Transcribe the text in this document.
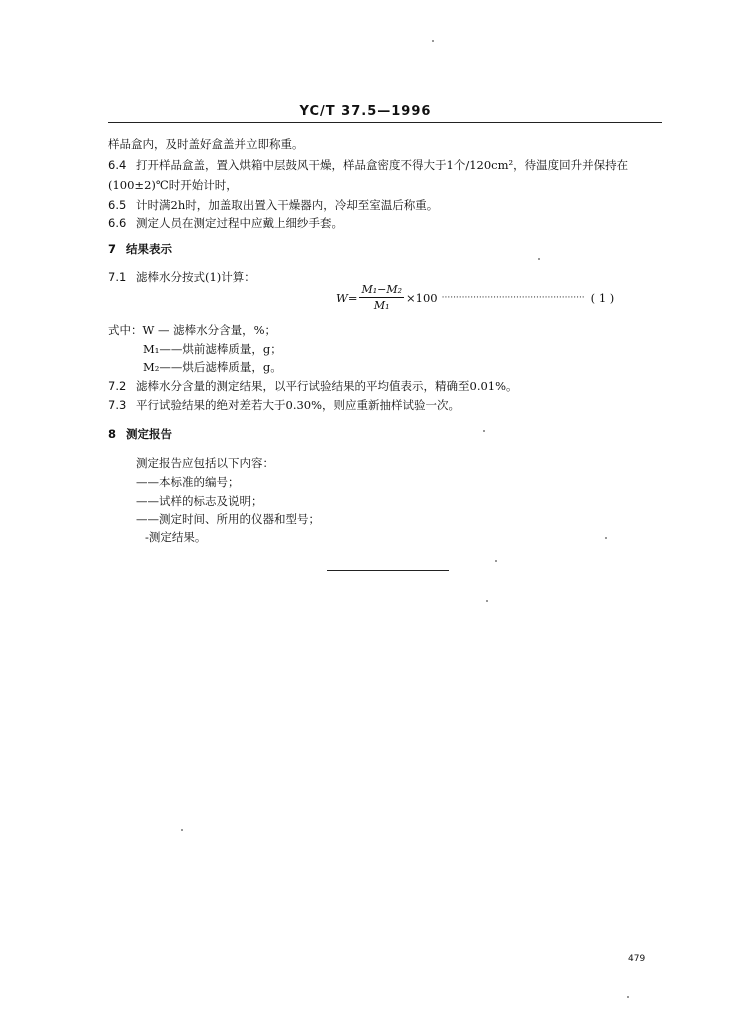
YC/T 37.5—1996
样品盒内，及时盖好盒盖并立即称重。
6.4 打开样品盒盖，置入烘箱中层鼓风干燥，样品盒密度不得大于1个/120cm²，待温度回升并保持在
(100±2)℃时开始计时，
6.5 计时满2h时，加盖取出置入干燥器内，冷却至室温后称重。
6.6 测定人员在测定过程中应戴上细纱手套。
7 结果表示
7.1 滤棒水分按式(1)计算：
$W= \frac{\text{M₁−M₂}}{\text{M₁}} \times 100$ ·················································· ( 1 )
式中：W — 滤棒水分含量，%；
M₁——烘前滤棒质量，g；
M₂——烘后滤棒质量，g。
7.2 滤棒水分含量的测定结果，以平行试验结果的平均值表示，精确至0.01%。
7.3 平行试验结果的绝对差若大于0.30%，则应重新抽样试验一次。
8 测定报告
测定报告应包括以下内容：
——本标准的编号；
——试样的标志及说明；
——测定时间、所用的仪器和型号；
-测定结果。
479
